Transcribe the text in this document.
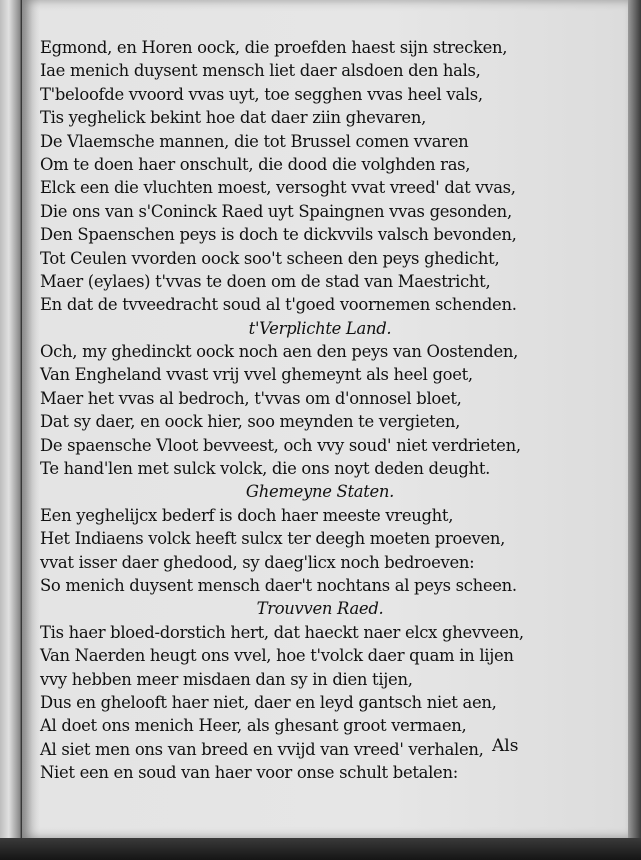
Egmond, en Horen oock, die proefden haest sijn strecken,
Iae menich duysent mensch liet daer alsdoen den hals,
T'beloofde vvoord vvas uyt, toe segghen vvas heel vals,
Tis yeghelick bekint hoe dat daer ziin ghevaren,
De Vlaemsche mannen, die tot Brussel comen vvaren
Om te doen haer onschult, die dood die volghden ras,
Elck een die vluchten moest, versoght vvat vreed' dat vvas,
Die ons van s'Coninck Raed uyt Spaingnen vvas gesonden,
Den Spaenschen peys is doch te dickvvils valsch bevonden,
Tot Ceulen vvorden oock soo't scheen den peys ghedicht,
Maer (eylaes) t'vvas te doen om de stad van Maestricht,
En dat de tvveedracht soud al t'goed voornemen schenden.
t'Verplichte Land.
Och, my ghedinckt oock noch aen den peys van Oostenden,
Van Engheland vvast vrij vvel ghemeynt als heel goet,
Maer het vvas al bedroch, t'vvas om d'onnosel bloet,
Dat sy daer, en oock hier, soo meynden te vergieten,
De spaensche Vloot bevveest, och vvy soud' niet verdrieten,
Te hand'len met sulck volck, die ons noyt deden deught.
Ghemeyne Staten.
Een yeghelijcx bederf is doch haer meeste vreught,
Het Indiaens volck heeft sulcx ter deegh moeten proeven,
vvat isser daer ghedood, sy daeg'licx noch bedroeven:
So menich duysent mensch daer't nochtans al peys scheen.
Trouvven Raed.
Tis haer bloed-dorstich hert, dat haeckt naer elcx ghevveen,
Van Naerden heugt ons vvel, hoe t'volck daer quam in lijen
vvy hebben meer misdaen dan sy in dien tijen,
Dus en ghelooft haer niet, daer en leyd gantsch niet aen,
Al doet ons menich Heer, als ghesant groot vermaen,
Al siet men ons van breed en vvijd van vreed' verhalen,
Niet een en soud van haer voor onse schult betalen:
Als
